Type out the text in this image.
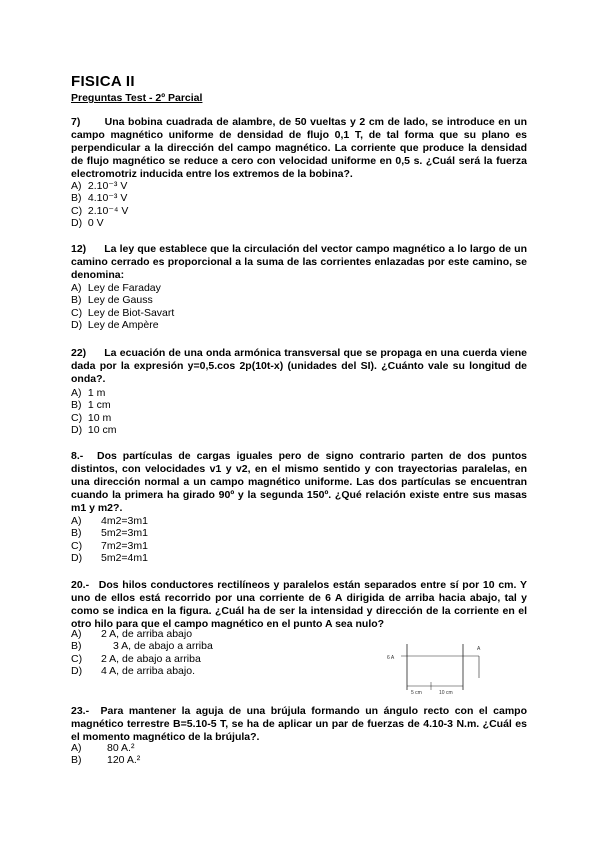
FISICA II
Preguntas Test - 2º Parcial
7) Una bobina cuadrada de alambre, de 50 vueltas y 2 cm de lado, se introduce en un campo magnético uniforme de densidad de flujo 0,1 T, de tal forma que su plano es perpendicular a la dirección del campo magnético. La corriente que produce la densidad de flujo magnético se reduce a cero con velocidad uniforme en 0,5 s. ¿Cuál será la fuerza electromotriz inducida entre los extremos de la bobina?.
A) 2.10⁻³ V
B) 4.10⁻³ V
C) 2.10⁻⁴ V
D) 0 V
12) La ley que establece que la circulación del vector campo magnético a lo largo de un camino cerrado es proporcional a la suma de las corrientes enlazadas por este camino, se denomina:
A) Ley de Faraday
B) Ley de Gauss
C) Ley de Biot-Savart
D) Ley de Ampère
22) La ecuación de una onda armónica transversal que se propaga en una cuerda viene dada por la expresión y=0,5.cos 2p(10t-x) (unidades del SI). ¿Cuánto vale su longitud de onda?.
A) 1 m
B) 1 cm
C) 10 m
D) 10 cm
8.- Dos partículas de cargas iguales pero de signo contrario parten de dos puntos distintos, con velocidades v1 y v2, en el mismo sentido y con trayectorias paralelas, en una dirección normal a un campo magnético uniforme. Las dos partículas se encuentran cuando la primera ha girado 90º y la segunda 150º. ¿Qué relación existe entre sus masas m1 y m2?.
A) 4m2=3m1
B) 5m2=3m1
C) 7m2=3m1
D) 5m2=4m1
20.- Dos hilos conductores rectilíneos y paralelos están separados entre sí por 10 cm. Y uno de ellos está recorrido por una corriente de 6 A dirigida de arriba hacia abajo, tal y como se indica en la figura. ¿Cuál ha de ser la intensidad y dirección de la corriente en el otro hilo para que el campo magnético en el punto A sea nulo?
A) 2 A, de arriba abajo
B)	3 A, de abajo a arriba
C) 2 A, de abajo a arriba
D) 4 A, de arriba abajo.
6 A
A
5 cm	10 cm
23.- Para mantener la aguja de una brújula formando un ángulo recto con el campo magnético terrestre B=5.10-5 T, se ha de aplicar un par de fuerzas de 4.10-3 N.m. ¿Cuál es el momento magnético de la brújula?.
A) 80 A.²
B) 120 A.²
